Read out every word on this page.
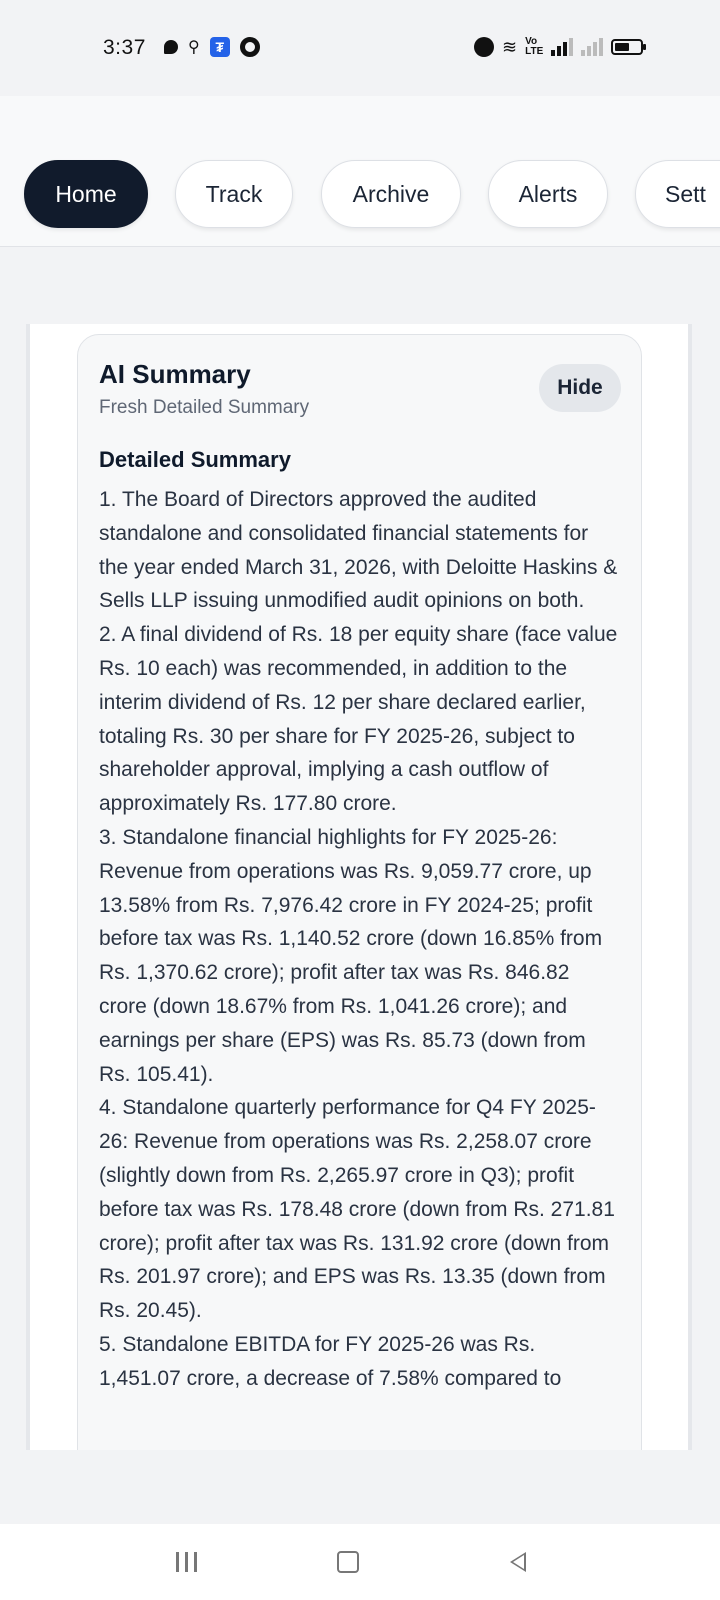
3:37	⚲	₮	≋ Vo
LTE
Home	Track	Archive	Alerts	Sett
AI Summary
Fresh Detailed Summary
Hide
Detailed Summary

1. The Board of Directors approved the audited standalone and consolidated financial statements for the year ended March 31, 2026, with Deloitte Haskins & Sells LLP issuing unmodified audit opinions on both.

2. A final dividend of Rs. 18 per equity share (face value Rs. 10 each) was recommended, in addition to the interim dividend of Rs. 12 per share declared earlier, totaling Rs. 30 per share for FY 2025-26, subject to shareholder approval, implying a cash outflow of approximately Rs. 177.80 crore.

3. Standalone financial highlights for FY 2025-26: Revenue from operations was Rs. 9,059.77 crore, up 13.58% from Rs. 7,976.42 crore in FY 2024-25; profit before tax was Rs. 1,140.52 crore (down 16.85% from Rs. 1,370.62 crore); profit after tax was Rs. 846.82 crore (down 18.67% from Rs. 1,041.26 crore); and earnings per share (EPS) was Rs. 85.73 (down from Rs. 105.41).

4. Standalone quarterly performance for Q4 FY 2025-26: Revenue from operations was Rs. 2,258.07 crore (slightly down from Rs. 2,265.97 crore in Q3); profit before tax was Rs. 178.48 crore (down from Rs. 271.81 crore); profit after tax was Rs. 131.92 crore (down from Rs. 201.97 crore); and EPS was Rs. 13.35 (down from Rs. 20.45).

5. Standalone EBITDA for FY 2025-26 was Rs. 1,451.07 crore, a decrease of 7.58% compared to
